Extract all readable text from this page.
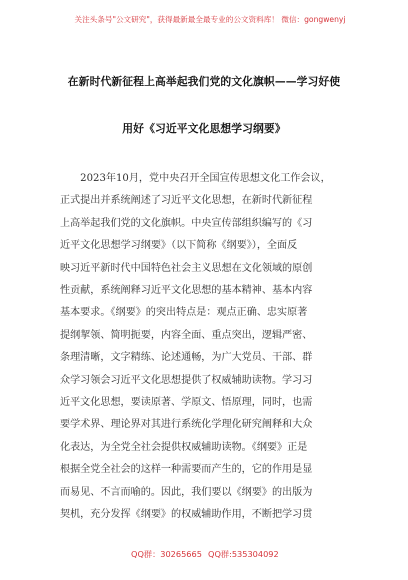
关注头条号"公文研究"，获得最新最全最专业的公文资料库！ 微信：gongwenyj
在新时代新征程上高举起我们党的文化旗帜——学习好使
用好《习近平文化思想学习纲要》
　　2023年10月，党中央召开全国宣传思想文化工作会议，
正式提出并系统阐述了习近平文化思想，在新时代新征程
上高举起我们党的文化旗帜。中央宣传部组织编写的《习
近平文化思想学习纲要》（以下简称《纲要》），全面反
映习近平新时代中国特色社会主义思想在文化领域的原创
性贡献，系统阐释习近平文化思想的基本精神、基本内容
基本要求。《纲要》的突出特点是：观点正确、忠实原著
提纲挈领、简明扼要，内容全面、重点突出，逻辑严密、
条理清晰，文字精练、论述通畅，为广大党员、干部、群
众学习领会习近平文化思想提供了权威辅助读物。学习习
近平文化思想，要读原著、学原文、悟原理，同时，也需
要学术界、理论界对其进行系统化学理化研究阐释和大众
化表达，为全党全社会提供权威辅助读物。《纲要》正是
根据全党全社会的这样一种需要而产生的，它的作用是显
而易见、不言而喻的。因此，我们要以《纲要》的出版为
契机，充分发挥《纲要》的权威辅助作用，不断把学习贯
QQ群：30265665 QQ群:535304092
